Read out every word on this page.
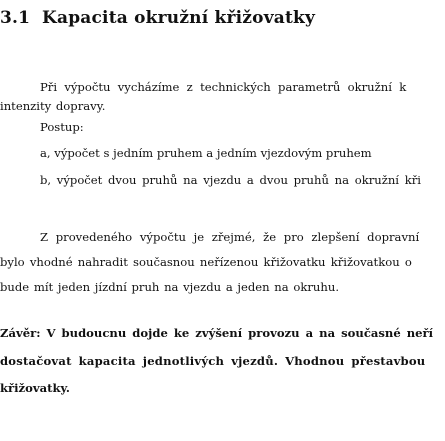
3.1 Kapacita okružní křižovatky

Při výpočtu vycházíme z technických parametrů okružní k

intenzity dopravy.

Postup:

a, výpočet s jedním pruhem a jedním vjezdovým pruhem

b, výpočet dvou pruhů na vjezdu a dvou pruhů na okružní kři

Z provedeného výpočtu je zřejmé, že pro zlepšení dopravní

bylo vhodné nahradit současnou neřízenou křižovatku křižovatkou o

bude mít jeden jízdní pruh na vjezdu a jeden na okruhu.

Závěr: V budoucnu dojde ke zvýšení provozu a na současné neří

dostačovat kapacita jednotlivých vjezdů. Vhodnou přestavbou

křižovatky.
